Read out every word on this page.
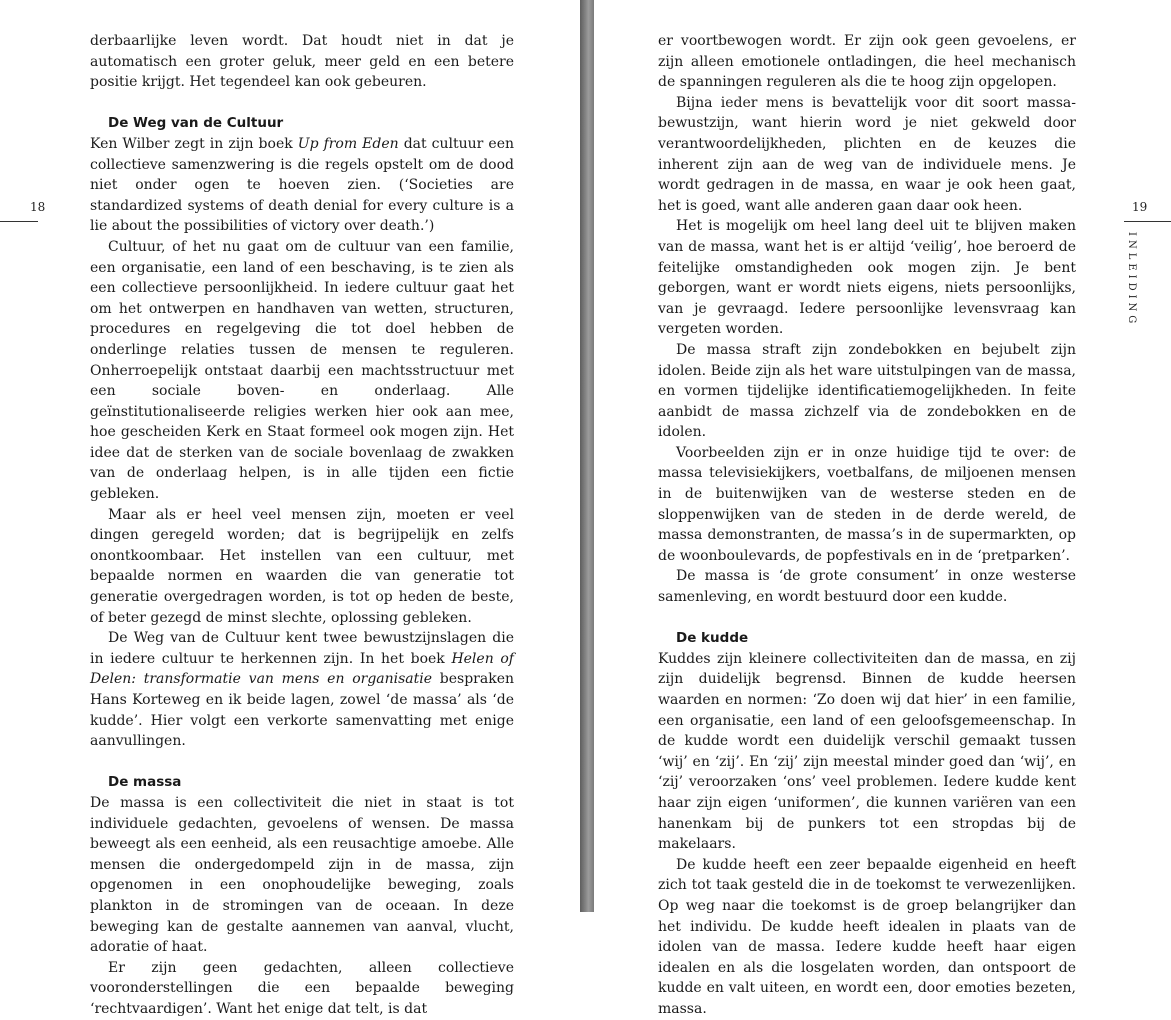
18

derbaarlijke leven wordt. Dat houdt niet in dat je automatisch een groter geluk, meer geld en een betere positie krijgt. Het tegendeel kan ook gebeuren.

De Weg van de Cultuur

Ken Wilber zegt in zijn boek Up from Eden dat cultuur een collectieve samenzwering is die regels opstelt om de dood niet onder ogen te hoeven zien. (‘Societies are standardized systems of death denial for every culture is a lie about the possibilities of victory over death.’)

Cultuur, of het nu gaat om de cultuur van een familie, een organisatie, een land of een beschaving, is te zien als een collectieve persoonlijkheid. In iedere cultuur gaat het om het ontwerpen en handhaven van wetten, structuren, procedures en regelgeving die tot doel hebben de onderlinge relaties tussen de mensen te reguleren. Onherroepelijk ontstaat daarbij een machtsstructuur met een sociale boven- en onderlaag. Alle geïnstitutionaliseerde religies werken hier ook aan mee, hoe gescheiden Kerk en Staat formeel ook mogen zijn. Het idee dat de sterken van de sociale bovenlaag de zwakken van de onderlaag helpen, is in alle tijden een fictie gebleken.

Maar als er heel veel mensen zijn, moeten er veel dingen geregeld worden; dat is begrijpelijk en zelfs onontkoombaar. Het instellen van een cultuur, met bepaalde normen en waarden die van generatie tot generatie overgedragen worden, is tot op heden de beste, of beter gezegd de minst slechte, oplossing gebleken.

De Weg van de Cultuur kent twee bewustzijnslagen die in iedere cultuur te herkennen zijn. In het boek Helen of Delen: transformatie van mens en organisatie bespraken Hans Korteweg en ik beide lagen, zowel ‘de massa’ als ‘de kudde’. Hier volgt een verkorte samenvatting met enige aanvullingen.

De massa

De massa is een collectiviteit die niet in staat is tot individuele gedachten, gevoelens of wensen. De massa beweegt als een eenheid, als een reusachtige amoebe. Alle mensen die ondergedompeld zijn in de massa, zijn opgenomen in een onophoudelijke beweging, zoals plankton in de stromingen van de oceaan. In deze beweging kan de gestalte aannemen van aanval, vlucht, adoratie of haat.

Er zijn geen gedachten, alleen collectieve vooronderstellingen die een bepaalde beweging ‘rechtvaardigen’. Want het enige dat telt, is dat

19
INLEIDING

er voortbewogen wordt. Er zijn ook geen gevoelens, er zijn alleen emotionele ontladingen, die heel mechanisch de spanningen reguleren als die te hoog zijn opgelopen.

Bijna ieder mens is bevattelijk voor dit soort massa-bewustzijn, want hierin word je niet gekweld door verantwoordelijkheden, plichten en de keuzes die inherent zijn aan de weg van de individuele mens. Je wordt gedragen in de massa, en waar je ook heen gaat, het is goed, want alle anderen gaan daar ook heen.

Het is mogelijk om heel lang deel uit te blijven maken van de massa, want het is er altijd ‘veilig’, hoe beroerd de feitelijke omstandigheden ook mogen zijn. Je bent geborgen, want er wordt niets eigens, niets persoonlijks, van je gevraagd. Iedere persoonlijke levensvraag kan vergeten worden.

De massa straft zijn zondebokken en bejubelt zijn idolen. Beide zijn als het ware uitstulpingen van de massa, en vormen tijdelijke identificatiemogelijkheden. In feite aanbidt de massa zichzelf via de zondebokken en de idolen.

Voorbeelden zijn er in onze huidige tijd te over: de massa televisiekijkers, voetbalfans, de miljoenen mensen in de buitenwijken van de westerse steden en de sloppenwijken van de steden in de derde wereld, de massa demonstranten, de massa’s in de supermarkten, op de woonboulevards, de popfestivals en in de ‘pretparken’.

De massa is ‘de grote consument’ in onze westerse samenleving, en wordt bestuurd door een kudde.

De kudde

Kuddes zijn kleinere collectiviteiten dan de massa, en zij zijn duidelijk begrensd. Binnen de kudde heersen waarden en normen: ‘Zo doen wij dat hier’ in een familie, een organisatie, een land of een geloofsgemeenschap. In de kudde wordt een duidelijk verschil gemaakt tussen ‘wij’ en ‘zij’. En ‘zij’ zijn meestal minder goed dan ‘wij’, en ‘zij’ veroorzaken ‘ons’ veel problemen. Iedere kudde kent haar zijn eigen ‘uniformen’, die kunnen variëren van een hanenkam bij de punkers tot een stropdas bij de makelaars.

De kudde heeft een zeer bepaalde eigenheid en heeft zich tot taak gesteld die in de toekomst te verwezenlijken. Op weg naar die toekomst is de groep belangrijker dan het individu. De kudde heeft idealen in plaats van de idolen van de massa. Iedere kudde heeft haar eigen idealen en als die losgelaten worden, dan ontspoort de kudde en valt uiteen, en wordt een, door emoties bezeten, massa.
